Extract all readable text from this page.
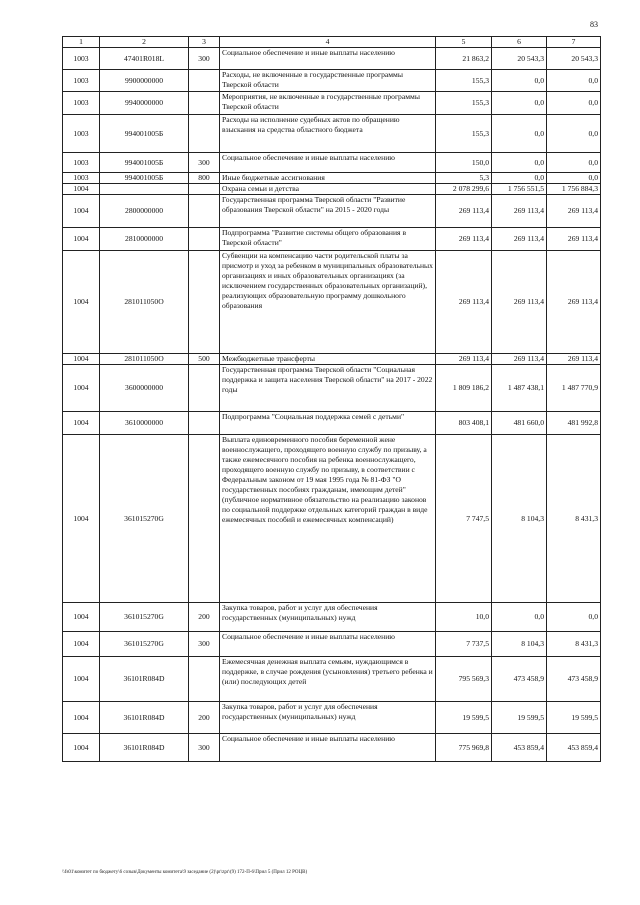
83
1	2	3	4	5	6	7
1003	47401R018L	300	Социальное обеспечение и иные выплаты населению	21 863,2	20 543,3	20 543,3
1003	9900000000		Расходы, не включенные в государственные программы Тверской области	155,3	0,0	0,0
1003	9940000000		Мероприятия, не включенные в государственные программы Тверской области	155,3	0,0	0,0
1003	994001005Б		Расходы на исполнение судебных актов по обращению взыскания на средства областного бюджета	155,3	0,0	0,0
1003	994001005Б	300	Социальное обеспечение и иные выплаты населению	150,0	0,0	0,0
1003	994001005Б	800	Иные бюджетные ассигнования	5,3	0,0	0,0
1004			Охрана семьи и детства	2 078 299,6	1 756 551,5	1 756 884,3
1004	2800000000		Государственная программа Тверской области "Развитие образования Тверской области" на 2015 - 2020 годы	269 113,4	269 113,4	269 113,4
1004	2810000000		Подпрограмма "Развитие системы общего образования в Тверской области"	269 113,4	269 113,4	269 113,4
1004	281011050О		Субвенции на компенсацию части родительской платы за присмотр и уход за ребенком в муниципальных образовательных организациях и иных образовательных организациях (за исключением государственных образовательных организаций), реализующих образовательную программу дошкольного образования	269 113,4	269 113,4	269 113,4
1004	281011050О	500	Межбюджетные трансферты	269 113,4	269 113,4	269 113,4
1004	3600000000		Государственная программа Тверской области "Социальная поддержка и защита населения Тверской области" на 2017 - 2022 годы	1 809 186,2	1 487 438,1	1 487 770,9
1004	3610000000		Подпрограмма "Социальная поддержка семей с детьми"	803 408,1	481 660,0	481 992,8
1004	361015270G		Выплата единовременного пособия беременной жене военнослужащего, проходящего военную службу по призыву, а также ежемесячного пособия на ребенка военнослужащего, проходящего военную службу по призыву, в соответствии с Федеральным законом от 19 мая 1995 года № 81-ФЗ "О государственных пособиях гражданам, имеющим детей" (публичное нормативное обязательство на реализацию законов по социальной поддержке отдельных категорий граждан в виде ежемесячных пособий и ежемесячных компенсаций)	7 747,5	8 104,3	8 431,3
1004	361015270G	200	Закупка товаров, работ и услуг для обеспечения государственных (муниципальных) нужд	10,0	0,0	0,0
1004	361015270G	300	Социальное обеспечение и иные выплаты населению	7 737,5	8 104,3	8 431,3
1004	36101R084D		Ежемесячная денежная выплата семьям, нуждающимся в поддержке, в случае рождения (усыновления) третьего ребенка и (или) последующих детей	795 569,3	473 458,9	473 458,9
1004	36101R084D	200	Закупка товаров, работ и услуг для обеспечения государственных (муниципальных) нужд	19 599,5	19 599,5	19 599,5
1004	36101R084D	300	Социальное обеспечение и иные выплаты населению	775 969,8	453 859,4	453 859,4
\\fs01\комитет по бюджету\6 созыв\Документы комитета\9 заседание (2)\pr\zpr\(9) 172-П-6\Прил 5 (Прил 12 РОЦВ)
